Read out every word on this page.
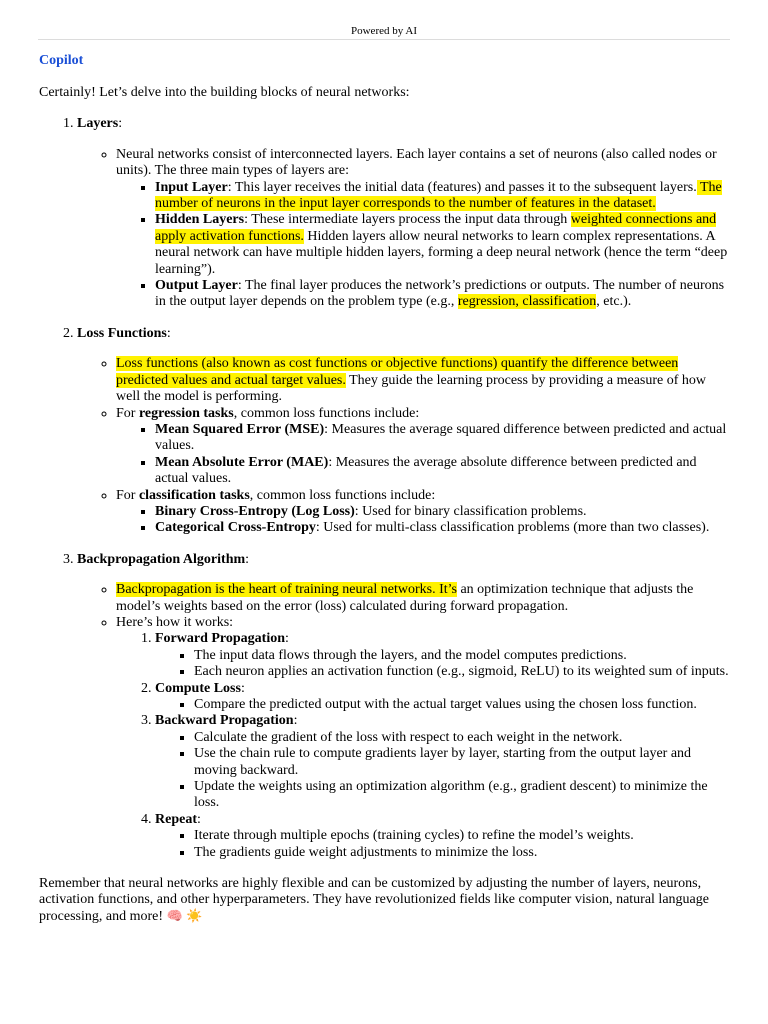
Powered by AI
Copilot

Certainly! Let’s delve into the building blocks of neural networks:

1. Layers:
◦ Neural networks consist of interconnected layers. Each layer contains a set of neurons (also called nodes or units). The three main types of layers are:
▪ Input Layer: This layer receives the initial data (features) and passes it to the subsequent layers. The number of neurons in the input layer corresponds to the number of features in the dataset.
▪ Hidden Layers: These intermediate layers process the input data through weighted connections and apply activation functions. Hidden layers allow neural networks to learn complex representations. A neural network can have multiple hidden layers, forming a deep neural network (hence the term “deep learning”).
▪ Output Layer: The final layer produces the network’s predictions or outputs. The number of neurons in the output layer depends on the problem type (e.g., regression, classification, etc.).
2. Loss Functions:
◦ Loss functions (also known as cost functions or objective functions) quantify the difference between predicted values and actual target values. They guide the learning process by providing a measure of how well the model is performing.
◦ For regression tasks, common loss functions include:
▪ Mean Squared Error (MSE): Measures the average squared difference between predicted and actual values.
▪ Mean Absolute Error (MAE): Measures the average absolute difference between predicted and actual values.
◦ For classification tasks, common loss functions include:
▪ Binary Cross-Entropy (Log Loss): Used for binary classification problems.
▪ Categorical Cross-Entropy: Used for multi-class classification problems (more than two classes).
3. Backpropagation Algorithm:
◦ Backpropagation is the heart of training neural networks. It’s an optimization technique that adjusts the model’s weights based on the error (loss) calculated during forward propagation.
◦ Here’s how it works:
1. Forward Propagation:
▪ The input data flows through the layers, and the model computes predictions.
▪ Each neuron applies an activation function (e.g., sigmoid, ReLU) to its weighted sum of inputs.
2. Compute Loss:
▪ Compare the predicted output with the actual target values using the chosen loss function.
3. Backward Propagation:
▪ Calculate the gradient of the loss with respect to each weight in the network.
▪ Use the chain rule to compute gradients layer by layer, starting from the output layer and moving backward.
▪ Update the weights using an optimization algorithm (e.g., gradient descent) to minimize the loss.
4. Repeat:
▪ Iterate through multiple epochs (training cycles) to refine the model’s weights.
▪ The gradients guide weight adjustments to minimize the loss.

Remember that neural networks are highly flexible and can be customized by adjusting the number of layers, neurons, activation functions, and other hyperparameters. They have revolutionized fields like computer vision, natural language processing, and more! 🧠 ☀️
